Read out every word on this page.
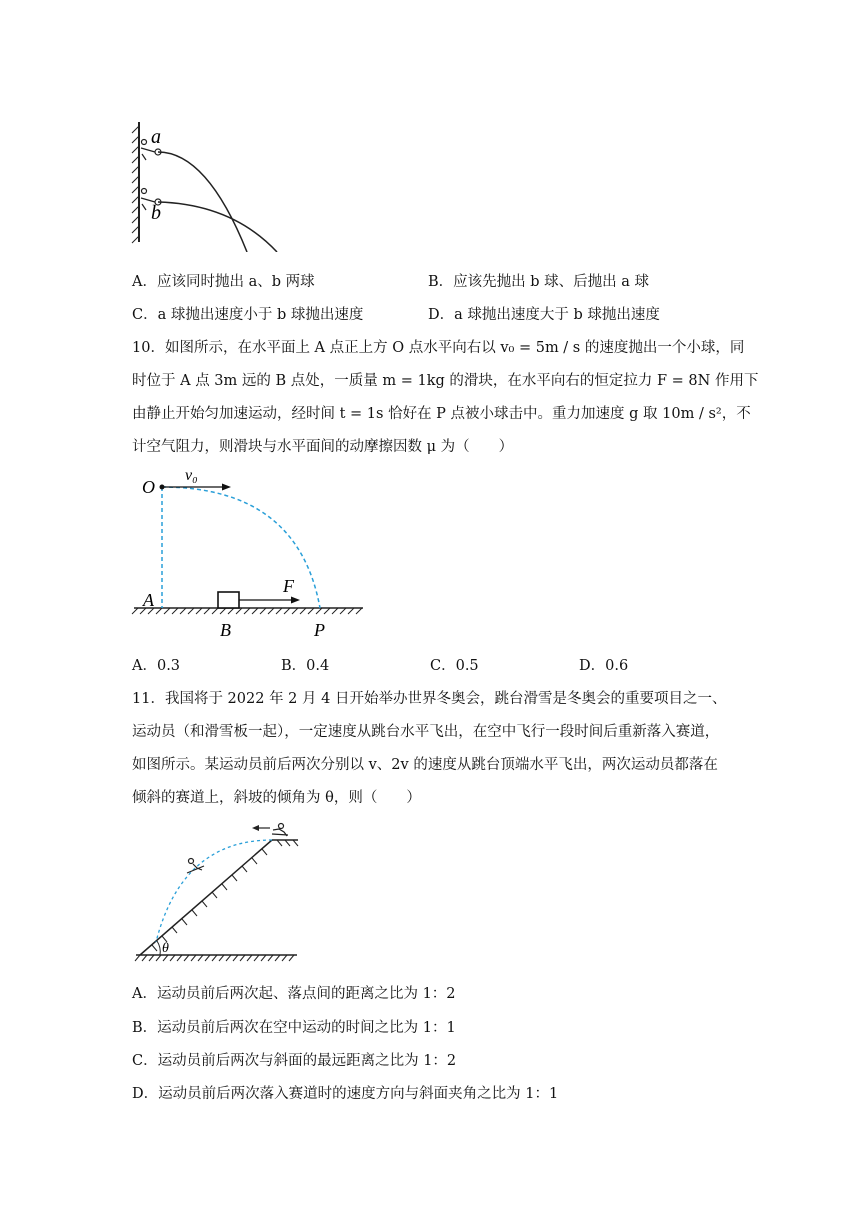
a
b
A．应该同时抛出 a、b 两球	B．应该先抛出 b 球、后抛出 a 球
C．a 球抛出速度小于 b 球抛出速度	D．a 球抛出速度大于 b 球抛出速度
10．如图所示，在水平面上 A 点正上方 O 点水平向右以 v₀ = 5m / s 的速度抛出一个小球，同
时位于 A 点 3m 远的 B 点处，一质量 m = 1kg 的滑块，在水平向右的恒定拉力 F = 8N 作用下
由静止开始匀加速运动，经时间 t = 1s 恰好在 P 点被小球击中。重力加速度 g 取 10m / s²，不
计空气阻力，则滑块与水平面间的动摩擦因数 μ 为（　　）
O
v₀
F
A
B	P
A．0.3	B．0.4	C．0.5	D．0.6
11．我国将于 2022 年 2 月 4 日开始举办世界冬奥会，跳台滑雪是冬奥会的重要项目之一、
运动员（和滑雪板一起），一定速度从跳台水平飞出，在空中飞行一段时间后重新落入赛道，
如图所示。某运动员前后两次分别以 v、2v 的速度从跳台顶端水平飞出，两次运动员都落在
倾斜的赛道上，斜坡的倾角为 θ，则（　　）
θ
A．运动员前后两次起、落点间的距离之比为 1：2
B．运动员前后两次在空中运动的时间之比为 1：1
C．运动员前后两次与斜面的最远距离之比为 1：2
D．运动员前后两次落入赛道时的速度方向与斜面夹角之比为 1：1
